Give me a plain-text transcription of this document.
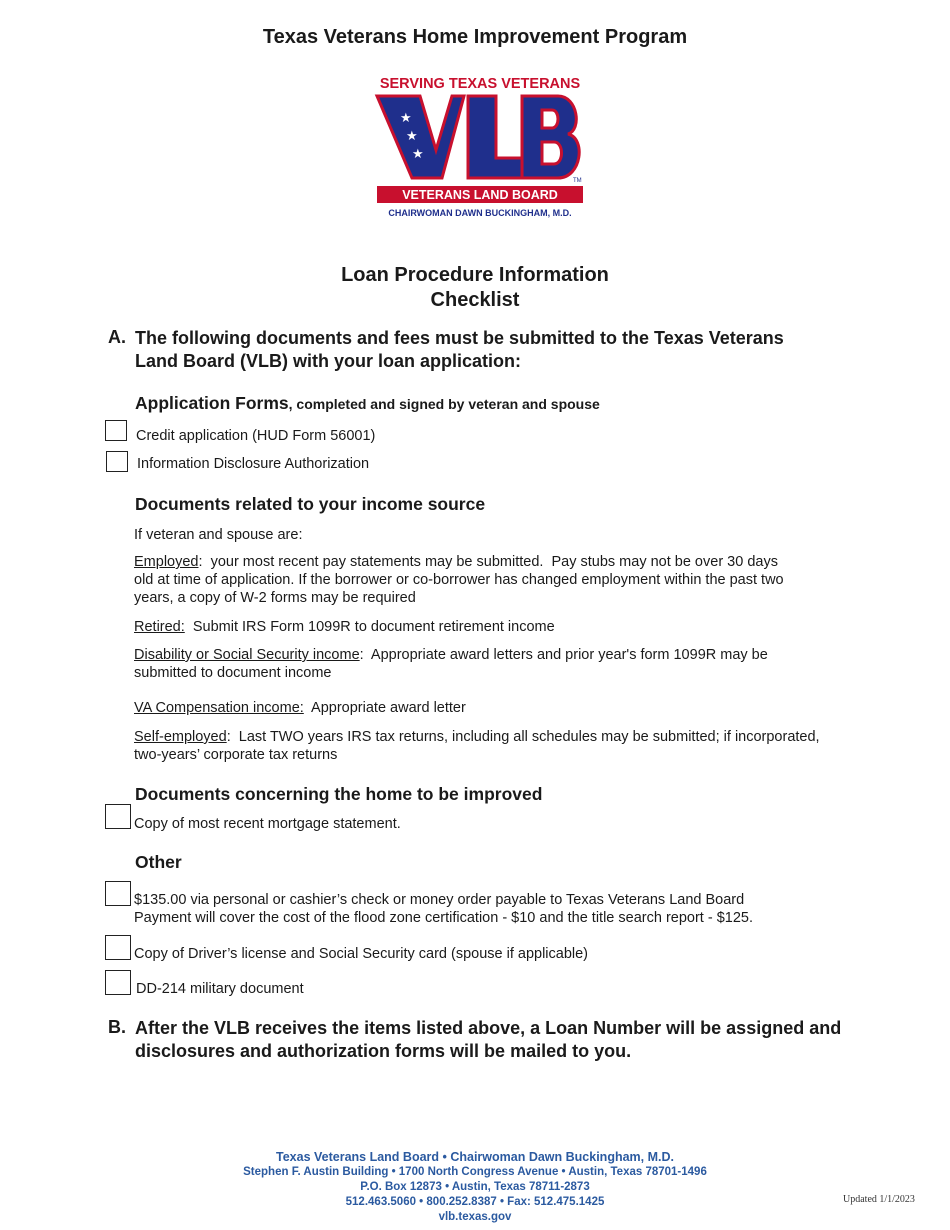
Texas Veterans Home Improvement Program
SERVING TEXAS VETERANS
★
★
★
TM
VETERANS LAND BOARD
CHAIRWOMAN DAWN BUCKINGHAM, M.D.
Loan Procedure Information
Checklist
A. The following documents and fees must be submitted to the Texas Veterans
Land Board (VLB) with your loan application:
Application Forms, completed and signed by veteran and spouse
Credit application (HUD Form 56001)
Information Disclosure Authorization
Documents related to your income source
If veteran and spouse are:
Employed:  your most recent pay statements may be submitted.  Pay stubs may not be over 30 days
old at time of application. If the borrower or co-borrower has changed employment within the past two
years, a copy of W-2 forms may be required
Retired:  Submit IRS Form 1099R to document retirement income
Disability or Social Security income:  Appropriate award letters and prior year's form 1099R may be
submitted to document income
VA Compensation income:  Appropriate award letter
Self-employed:  Last TWO years IRS tax returns, including all schedules may be submitted; if incorporated,
two-years’ corporate tax returns
Documents concerning the home to be improved
Copy of most recent mortgage statement.
Other
$135.00 via personal or cashier’s check or money order payable to Texas Veterans Land Board
Payment will cover the cost of the flood zone certification - $10 and the title search report - $125.
Copy of Driver’s license and Social Security card (spouse if applicable)
DD-214 military document
B. After the VLB receives the items listed above, a Loan Number will be assigned and
disclosures and authorization forms will be mailed to you.
Texas Veterans Land Board • Chairwoman Dawn Buckingham, M.D.
Stephen F. Austin Building • 1700 North Congress Avenue • Austin, Texas 78701-1496
P.O. Box 12873 • Austin, Texas 78711-2873
512.463.5060 • 800.252.8387 • Fax: 512.475.1425
vlb.texas.gov
Updated 1/1/2023
